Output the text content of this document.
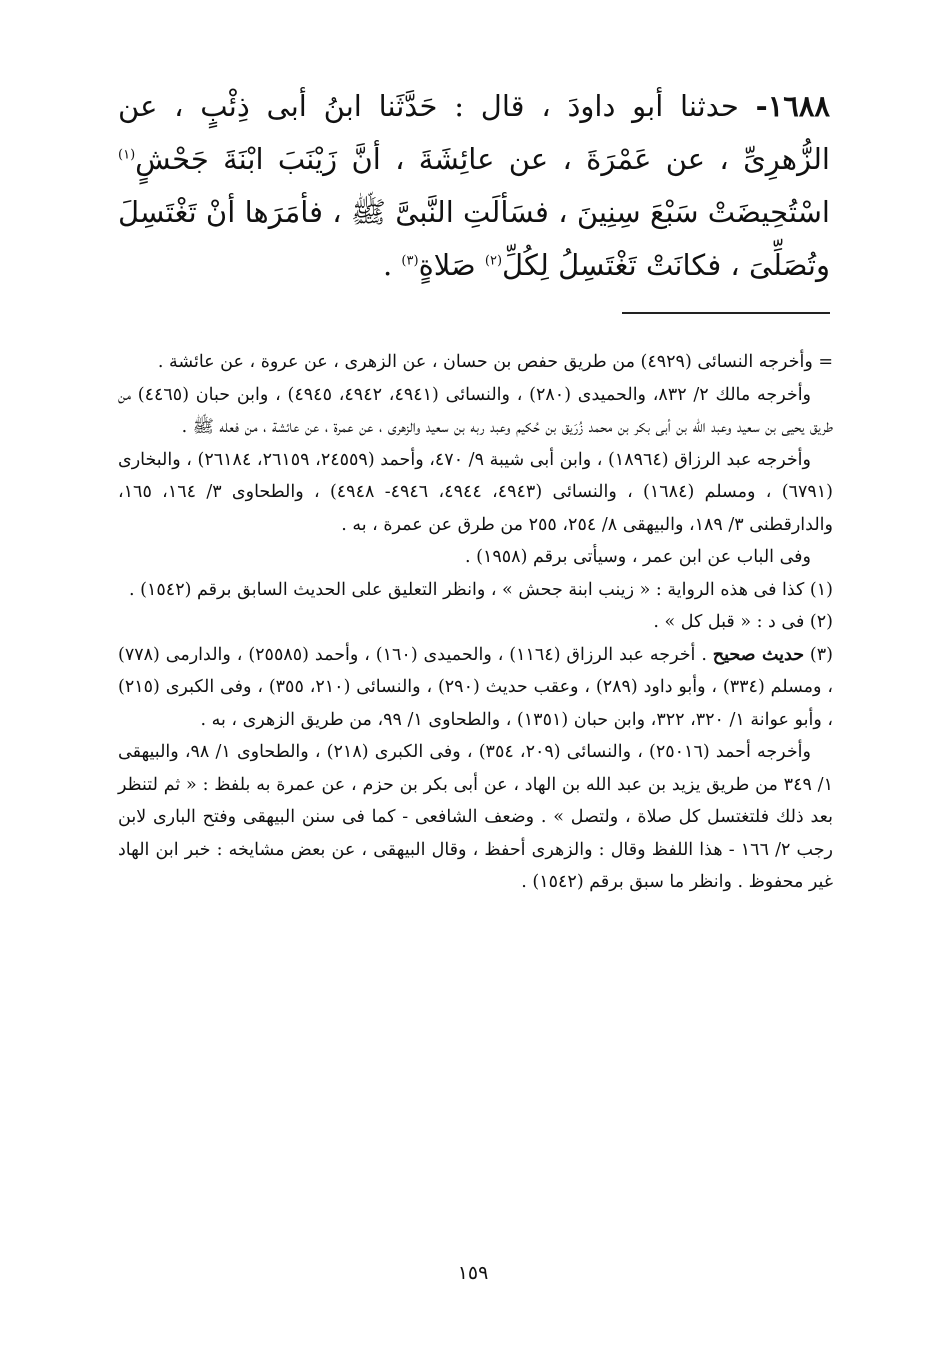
١٦٨٨- حدثنا أبو داودَ ، قال : حَدَّثَنا ابنُ أبى ذِئْبٍ ، عن الزُّهرِىِّ ، عن عَمْرَةَ ، عن عائِشَةَ ، أنَّ زَيْنَبَ ابْنَةَ جَحْشٍ$^{(١)}$ اسْتُحِيضَتْ سَبْعَ سِنِينَ ، فسَألَتِ النَّبىَّ ﷺ ، فأمَرَها أنْ تَغْتَسِلَ وتُصَلِّىَ ، فكانَتْ تَغْتَسِلُ لِكُلِّ$^{(٢)}$ صَلاةٍ$^{(٣)}$ .

= وأخرجه النسائى (٤٩٢٩) من طريق حفص بن حسان ، عن الزهرى ، عن عروة ، عن عائشة .

وأخرجه مالك ٢/ ٨٣٢، والحميدى (٢٨٠) ، والنسائى (٤٩٤١، ٤٩٤٢، ٤٩٤٥) ، وابن حبان (٤٤٦٥) من طريق يحيى بن سعيد وعبد الله بن أبى بكر بن محمد زُرَيق بن حُكيم وعبد ربه بن سعيد والزهرى ، عن عمرة ، عن عائشة ، من فعله ﷺ .

وأخرجه عبد الرزاق (١٨٩٦٤) ، وابن أبى شيبة ٩/ ٤٧٠، وأحمد (٢٤٥٥٩، ٢٦١٥٩، ٢٦١٨٤) ، والبخارى (٦٧٩١) ، ومسلم (١٦٨٤) ، والنسائى (٤٩٤٣، ٤٩٤٤، ٤٩٤٦- ٤٩٤٨) ، والطحاوى ٣/ ١٦٤، ١٦٥، والدارقطنى ٣/ ١٨٩، والبيهقى ٨/ ٢٥٤، ٢٥٥ من طرق عن عمرة ، به .

وفى الباب عن ابن عمر ، وسيأتى برقم (١٩٥٨) .

(١) كذا فى هذه الرواية : « زينب ابنة جحش » ، وانظر التعليق على الحديث السابق برقم (١٥٤٢) .

(٢) فى د : « قبل كل » .

(٣) حديث صحيح . أخرجه عبد الرزاق (١١٦٤) ، والحميدى (١٦٠) ، وأحمد (٢٥٥٨٥) ، والدارمى (٧٧٨) ، ومسلم (٣٣٤) ، وأبو داود (٢٨٩) ، وعقب حديث (٢٩٠) ، والنسائى (٢١٠، ٣٥٥) ، وفى الكبرى (٢١٥) ، وأبو عوانة ١/ ٣٢٠، ٣٢٢، وابن حبان (١٣٥١) ، والطحاوى ١/ ٩٩، من طريق الزهرى ، به .

وأخرجه أحمد (٢٥٠١٦) ، والنسائى (٢٠٩، ٣٥٤) ، وفى الكبرى (٢١٨) ، والطحاوى ١/ ٩٨، والبيهقى ١/ ٣٤٩ من طريق يزيد بن عبد الله بن الهاد ، عن أبى بكر بن حزم ، عن عمرة به بلفظ : « ثم لتنظر بعد ذلك فلتغتسل كل صلاة ، ولتصل » . وضعف الشافعى - كما فى سنن البيهقى وفتح البارى لابن رجب ٢/ ١٦٦ - هذا اللفظ وقال : والزهرى أحفظ ، وقال البيهقى ، عن بعض مشايخه : خبر ابن الهاد غير محفوظ . وانظر ما سبق برقم (١٥٤٢) .

١٥٩
